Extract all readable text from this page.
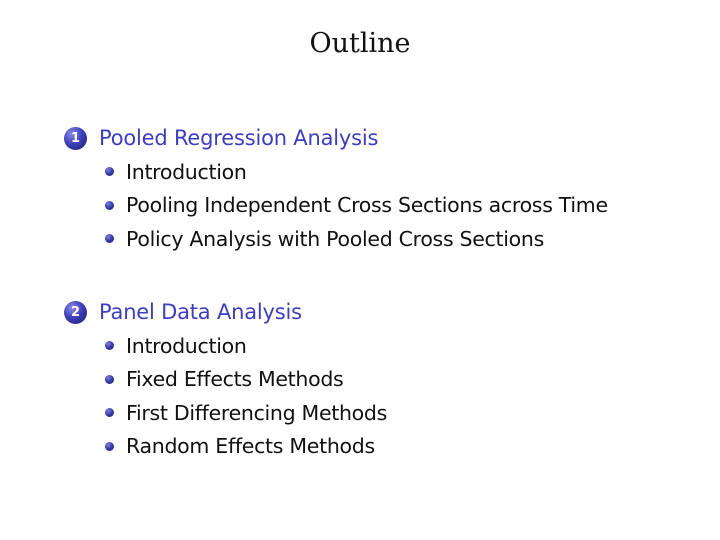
Outline
1 Pooled Regression Analysis
Introduction
Pooling Independent Cross Sections across Time
Policy Analysis with Pooled Cross Sections
2 Panel Data Analysis
Introduction
Fixed Effects Methods
First Differencing Methods
Random Effects Methods
